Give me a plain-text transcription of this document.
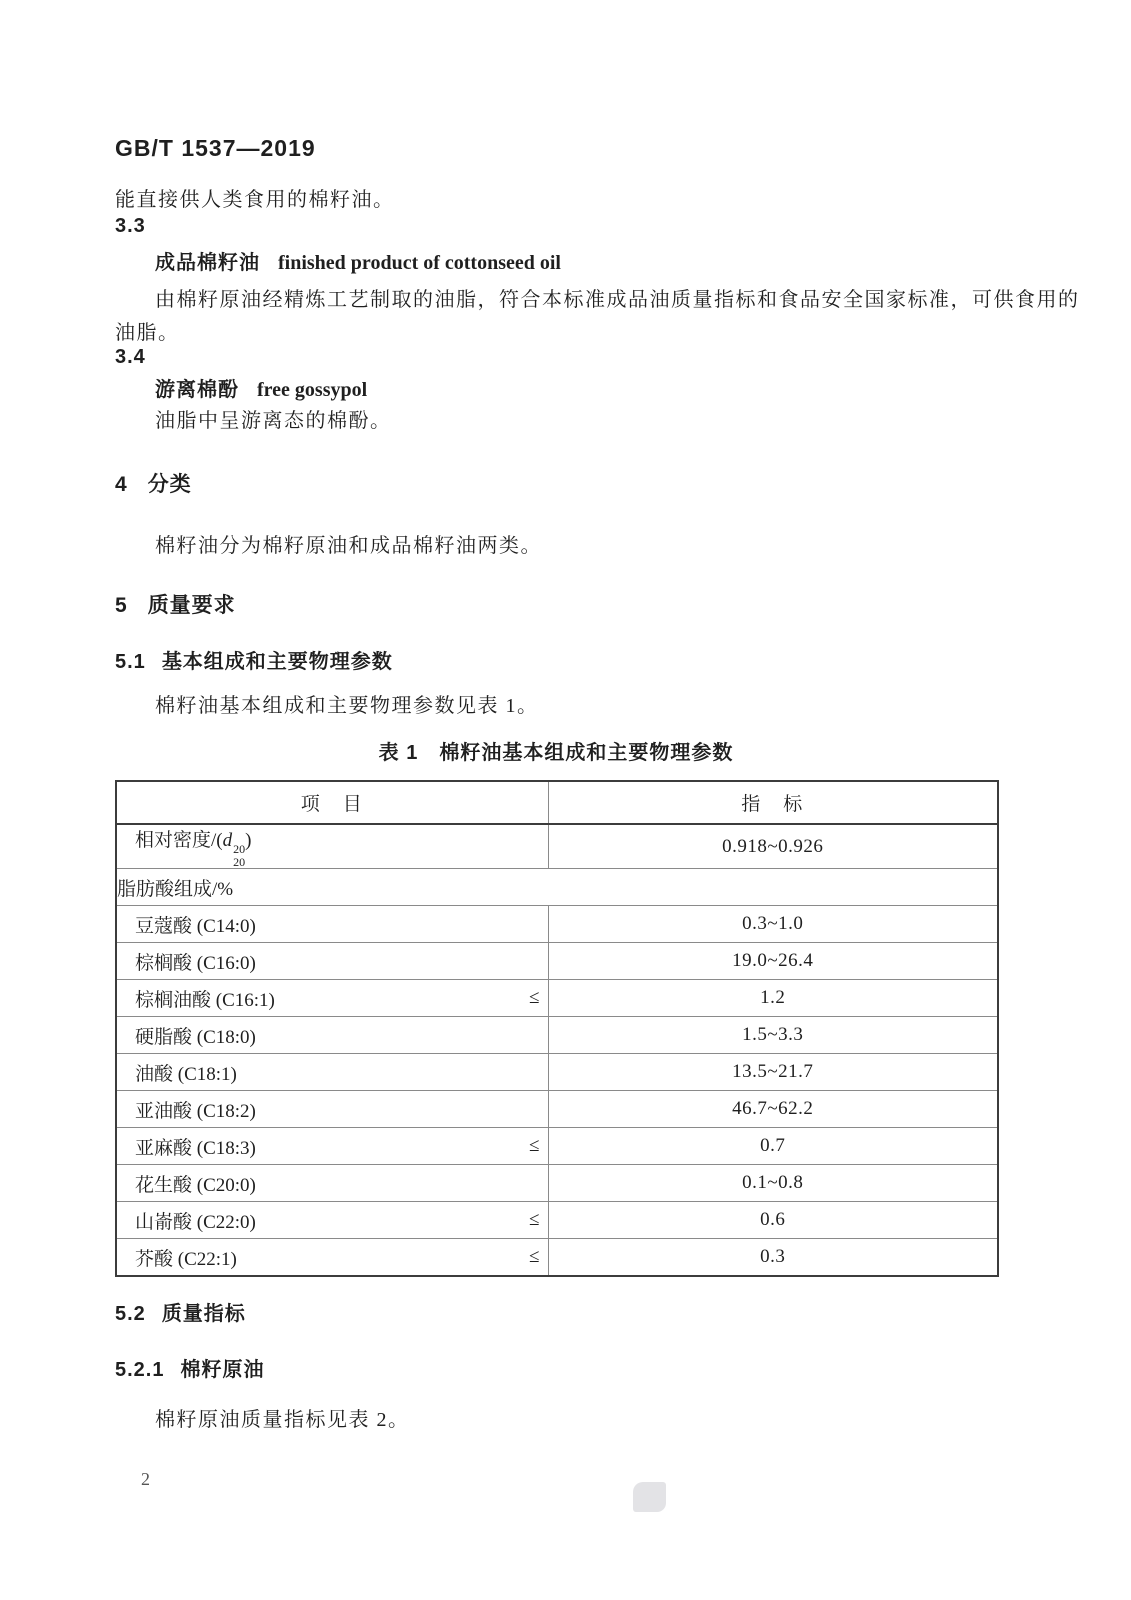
GB/T 1537—2019
能直接供人类食用的棉籽油。
3.3
成品棉籽油 finished product of cottonseed oil
由棉籽原油经精炼工艺制取的油脂，符合本标准成品油质量指标和食品安全国家标准，可供食用的
油脂。
3.4
游离棉酚 free gossypol
油脂中呈游离态的棉酚。
4 分类
棉籽油分为棉籽原油和成品棉籽油两类。
5 质量要求
5.1 基本组成和主要物理参数
棉籽油基本组成和主要物理参数见表 1。
表 1　棉籽油基本组成和主要物理参数
项　目	指　标

相对密度/(d 20
20
)	0.918~0.926
脂肪酸组成/%	

豆蔻酸 (C14:0)	0.3~1.0

棕榈酸 (C16:0)	19.0~26.4

棕榈油酸 (C16:1) ≤	1.2

硬脂酸 (C18:0)	1.5~3.3

油酸 (C18:1)	13.5~21.7

亚油酸 (C18:2)	46.7~62.2

亚麻酸 (C18:3) ≤	0.7

花生酸 (C20:0)	0.1~0.8

山嵛酸 (C22:0) ≤	0.6

芥酸 (C22:1) ≤	0.3
5.2 质量指标
5.2.1 棉籽原油
棉籽原油质量指标见表 2。
2
